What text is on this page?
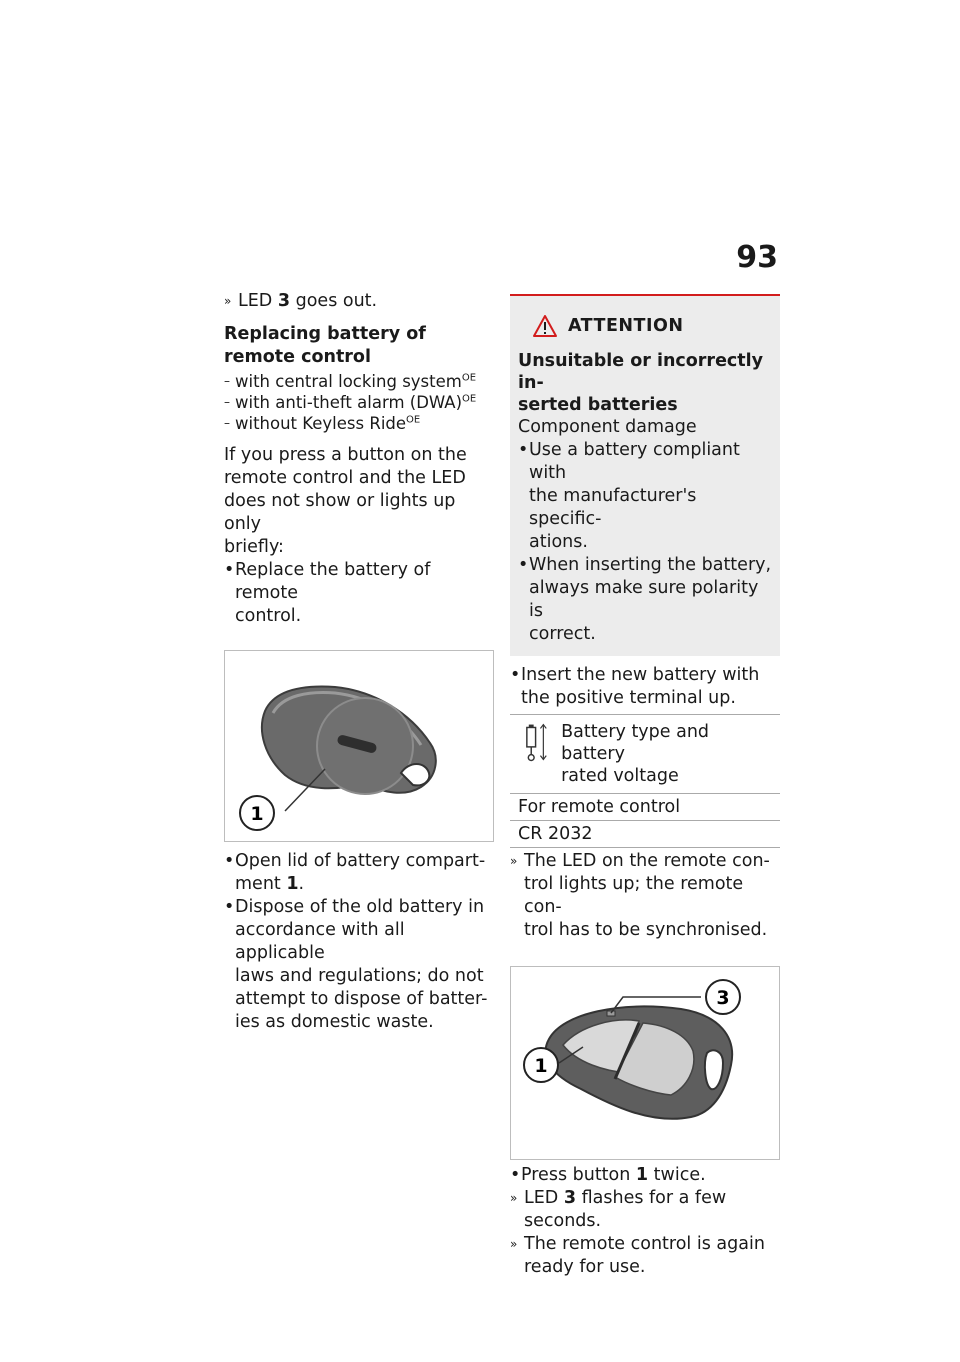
93

» LED 3 goes out.

Replacing battery of remote control
– with central locking system$^{OE}$
– with anti-theft alarm (DWA)$^{OE}$
– without Keyless Ride$^{OE}$

If you press a button on the
remote control and the LED
does not show or lights up only
briefly:

• Replace the battery of remote
control.

1

• Open lid of battery compart-
ment 1.

• Dispose of the old battery in
accordance with all applicable
laws and regulations; do not
attempt to dispose of batter-
ies as domestic waste.

ATTENTION
Unsuitable or incorrectly in-
serted batteries

Component damage

• Use a battery compliant with
the manufacturer's specific-
ations.

• When inserting the battery,
always make sure polarity is
correct.

• Insert the new battery with
the positive terminal up.

Battery type and battery
rated voltage
For remote control
CR 2032

» The LED on the remote con-
trol lights up; the remote con-
trol has to be synchronised.

3
1

• Press button 1 twice.

» LED 3 flashes for a few
seconds.

» The remote control is again
ready for use.
